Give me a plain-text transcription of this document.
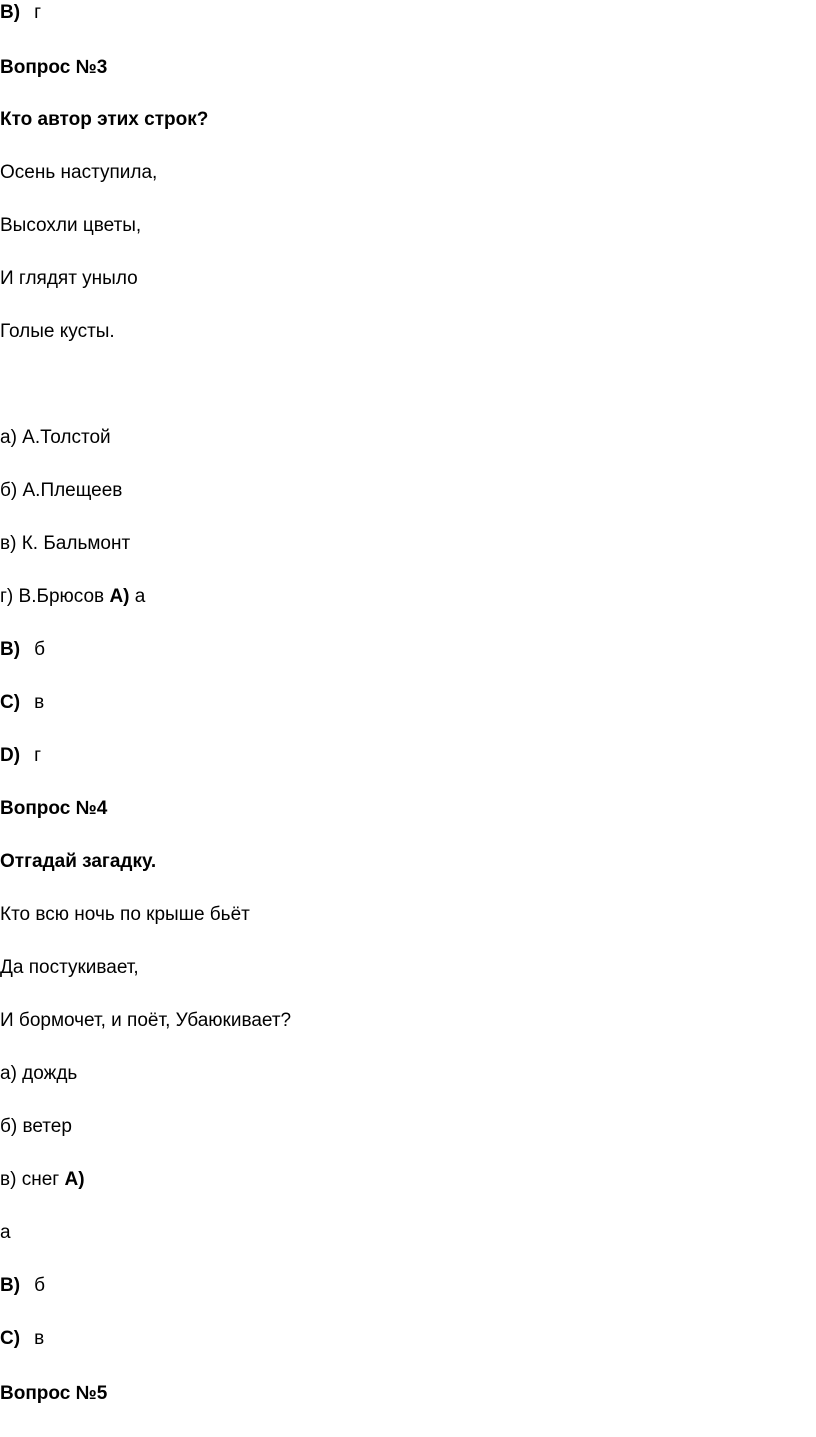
B) г
Вопрос №3
Кто автор этих строк?
Осень наступила,
Высохли цветы,
И глядят уныло
Голые кусты.
а) А.Толстой
б) А.Плещеев
в) К. Бальмонт
г) В.Брюсов A) а
B) б
C) в
D) г
Вопрос №4
Отгадай загадку.
Кто всю ночь по крыше бьёт
Да постукивает,
И бормочет, и поёт, Убаюкивает?
а) дождь
б) ветер
в) снег A)
а
B) б
C) в
Вопрос №5
